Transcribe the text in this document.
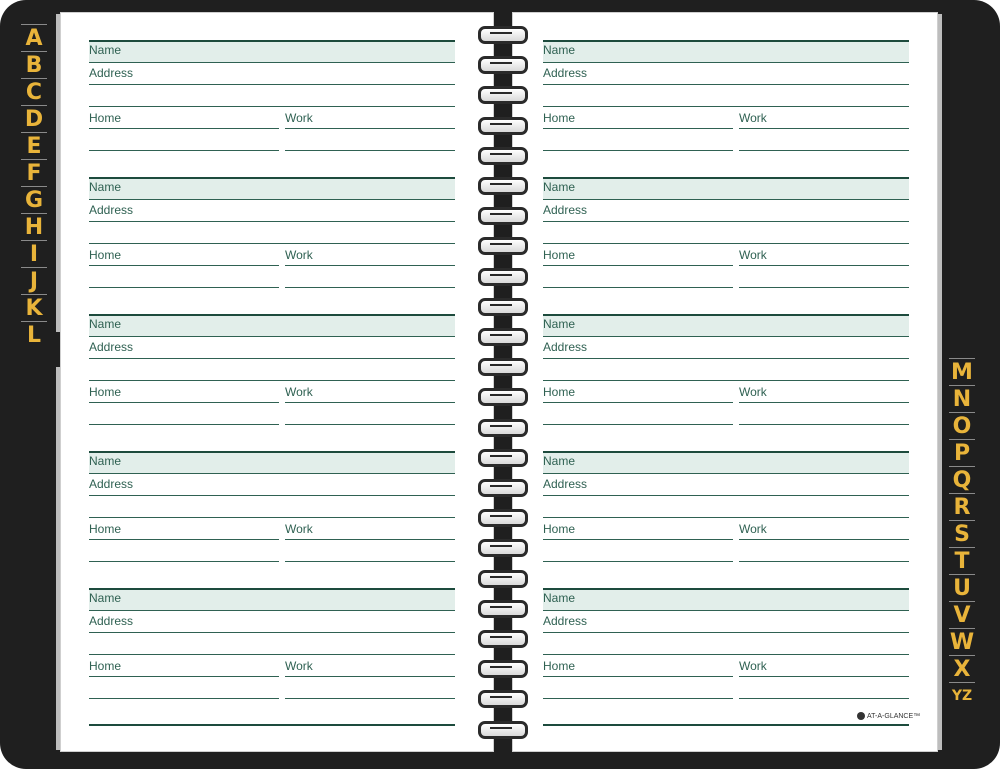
Name
Address
Home	Work
Name
Address
Home	Work
Name
Address
Home	Work
Name
Address
Home	Work
Name
Address
Home	Work
Name
Address
Home	Work
Name
Address
Home	Work
Name
Address
Home	Work
Name
Address
Home	Work
Name
Address
Home	Work
A
B
C
D
E
F
G
H
I
J
K
L
M
N
O
P
Q
R
S
T
U
V
W
X
YZ
AT-A-GLANCE™
